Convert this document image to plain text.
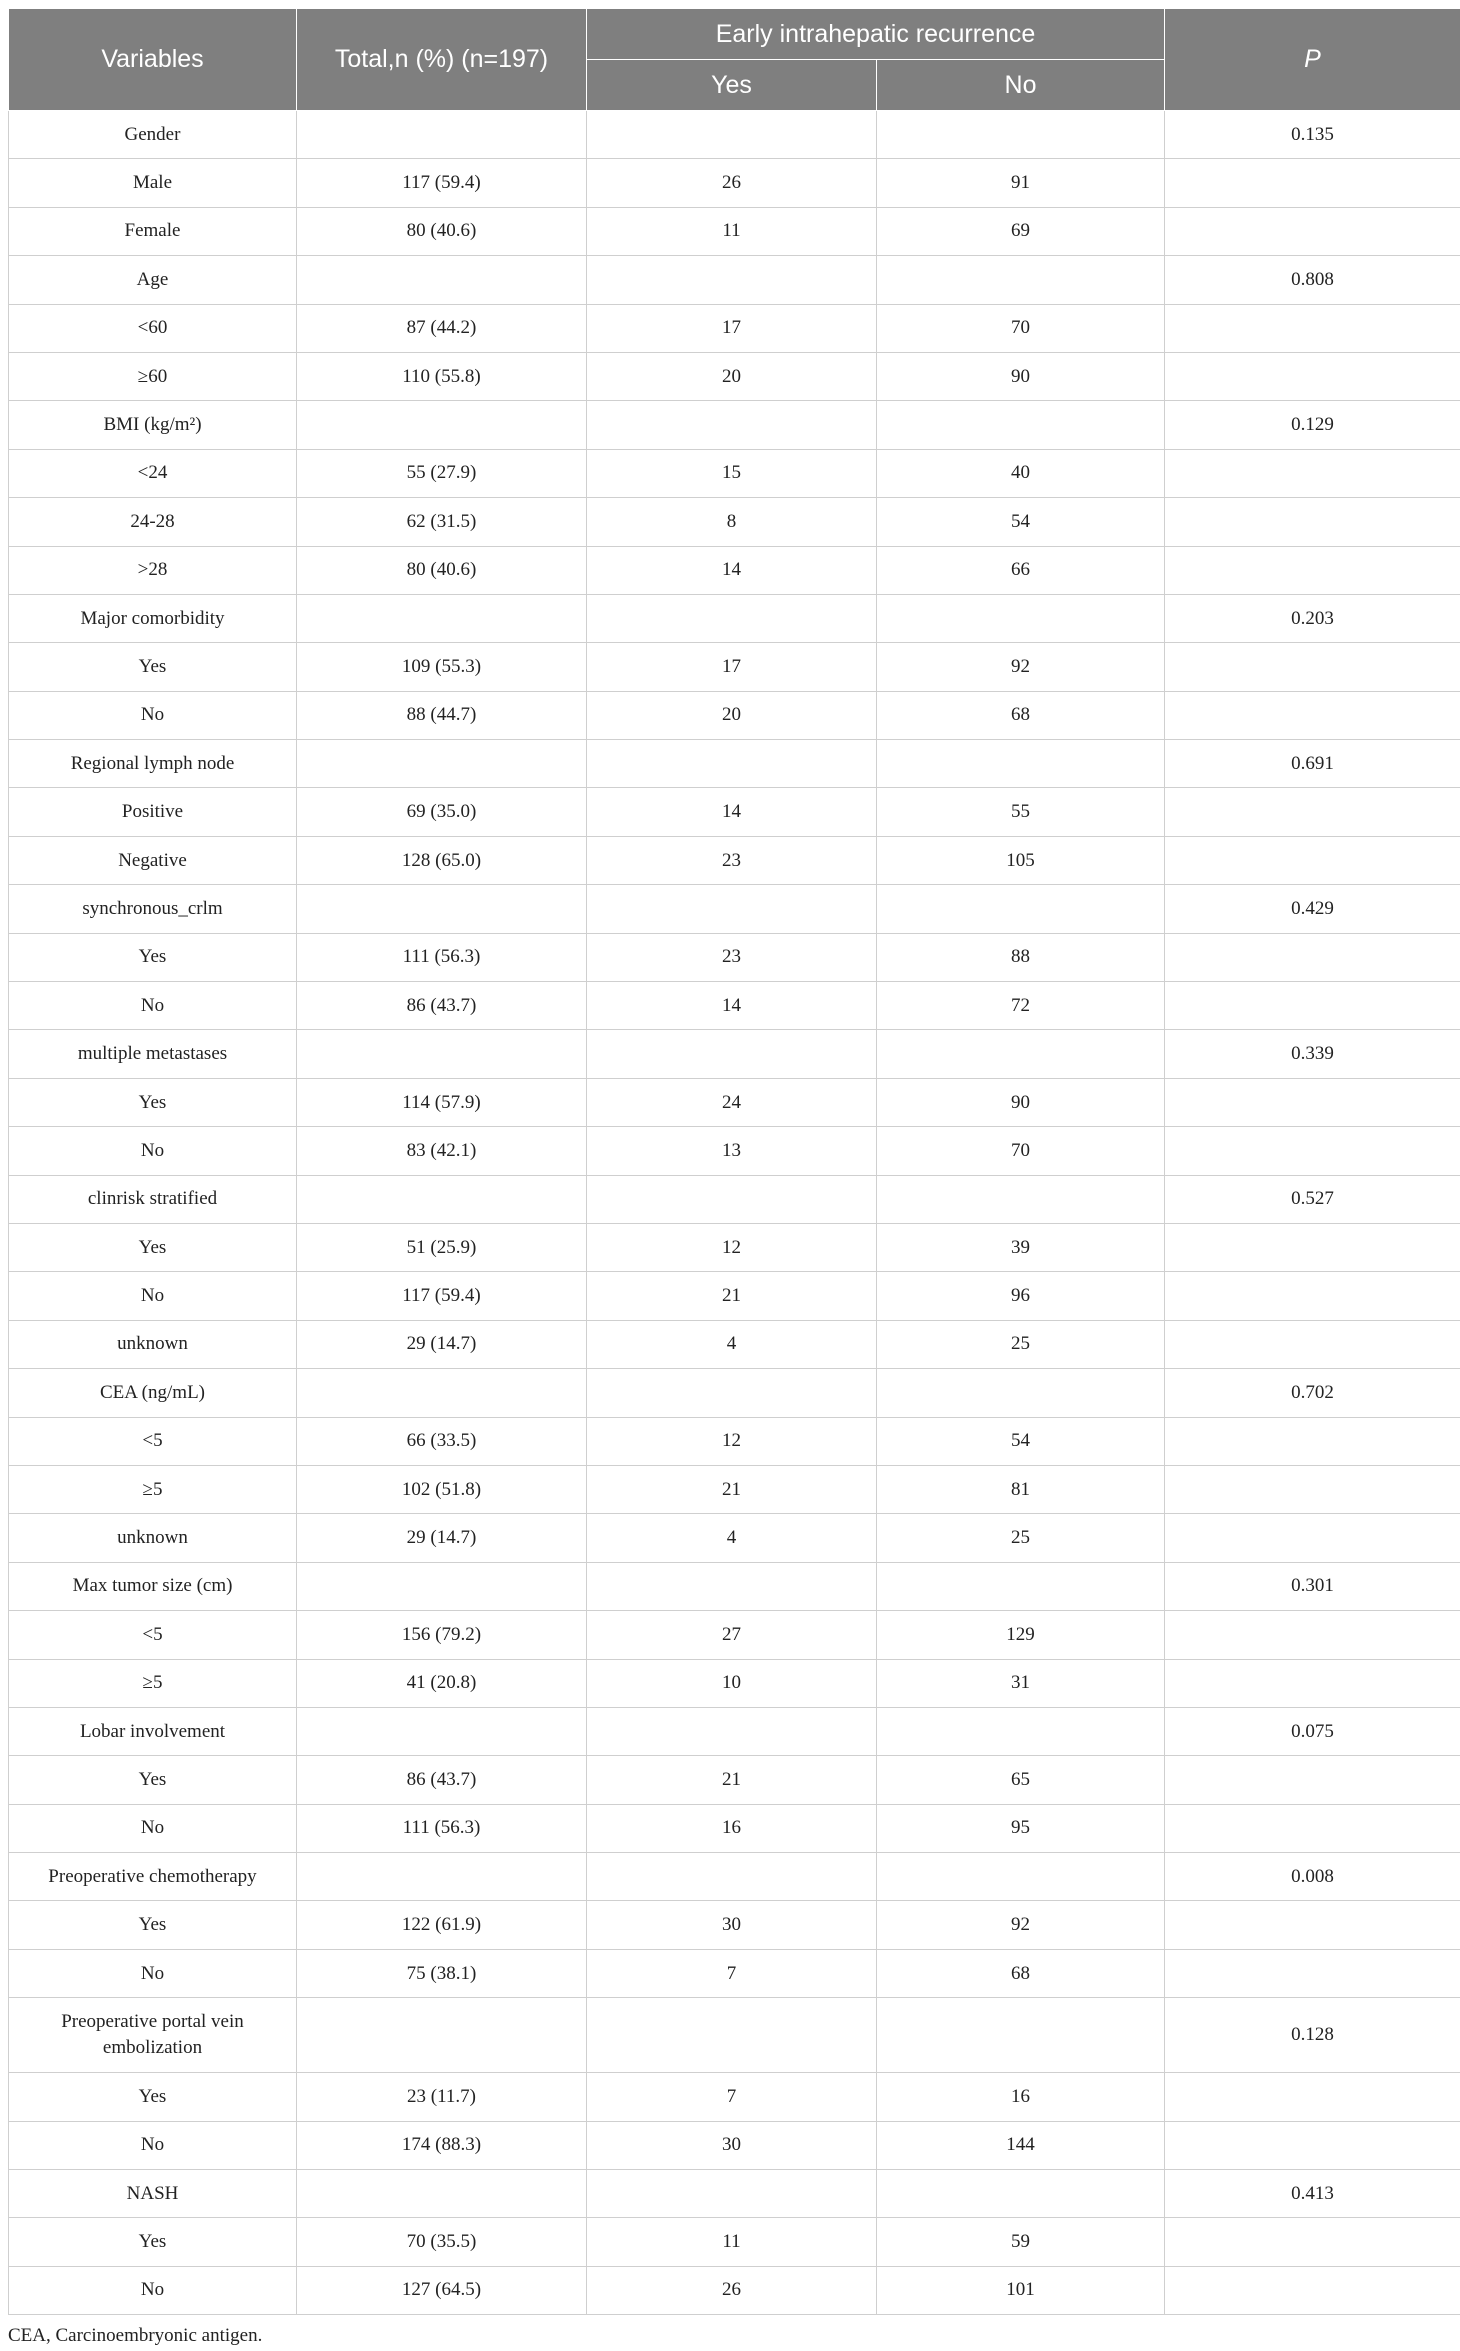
Variables	Total,n (%) (n=197)	Early intrahepatic recurrence		P
		Yes	No	
Gender				0.135
Male	117 (59.4)	26	91	
Female	80 (40.6)	11	69	
Age				0.808
<60	87 (44.2)	17	70	
≥60	110 (55.8)	20	90	
BMI (kg/m²)				0.129
<24	55 (27.9)	15	40	
24-28	62 (31.5)	8	54	
>28	80 (40.6)	14	66	
Major comorbidity				0.203
Yes	109 (55.3)	17	92	
No	88 (44.7)	20	68	
Regional lymph node				0.691
Positive	69 (35.0)	14	55	
Negative	128 (65.0)	23	105	
synchronous_crlm				0.429
Yes	111 (56.3)	23	88	
No	86 (43.7)	14	72	
multiple metastases				0.339
Yes	114 (57.9)	24	90	
No	83 (42.1)	13	70	
clinrisk stratified				0.527
Yes	51 (25.9)	12	39	
No	117 (59.4)	21	96	
unknown	29 (14.7)	4	25	
CEA (ng/mL)				0.702
<5	66 (33.5)	12	54	
≥5	102 (51.8)	21	81	
unknown	29 (14.7)	4	25	
Max tumor size (cm)				0.301
<5	156 (79.2)	27	129	
≥5	41 (20.8)	10	31	
Lobar involvement				0.075
Yes	86 (43.7)	21	65	
No	111 (56.3)	16	95	
Preoperative chemotherapy				0.008
Yes	122 (61.9)	30	92	
No	75 (38.1)	7	68	
Preoperative portal vein embolization				0.128
Yes	23 (11.7)	7	16	
No	174 (88.3)	30	144	
NASH				0.413
Yes	70 (35.5)	11	59	
No	127 (64.5)	26	101	
CEA, Carcinoembryonic antigen.
